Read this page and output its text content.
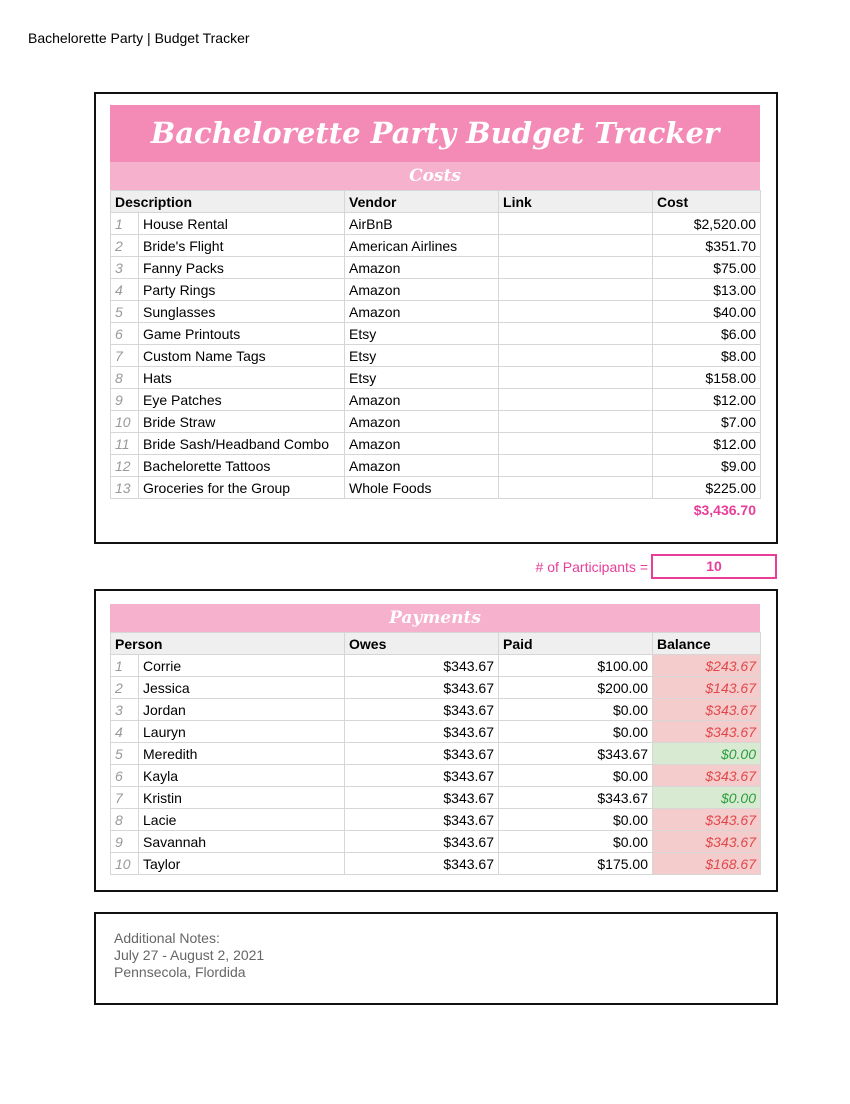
Bachelorette Party | Budget Tracker
Bachelorette Party Budget Tracker
Costs
Description		Vendor	Link	Cost
1	House Rental	AirBnB		$2,520.00
2	Bride's Flight	American Airlines		$351.70
3	Fanny Packs	Amazon		$75.00
4	Party Rings	Amazon		$13.00
5	Sunglasses	Amazon		$40.00
6	Game Printouts	Etsy		$6.00
7	Custom Name Tags	Etsy		$8.00
8	Hats	Etsy		$158.00
9	Eye Patches	Amazon		$12.00
10	Bride Straw	Amazon		$7.00
11	Bride Sash/Headband Combo	Amazon		$12.00
12	Bachelorette Tattoos	Amazon		$9.00
13	Groceries for the Group	Whole Foods		$225.00
$3,436.70
# of Participants =	10
Payments
Person		Owes	Paid	Balance
1	Corrie	$343.67	$100.00	$243.67
2	Jessica	$343.67	$200.00	$143.67
3	Jordan	$343.67	$0.00	$343.67
4	Lauryn	$343.67	$0.00	$343.67
5	Meredith	$343.67	$343.67	$0.00
6	Kayla	$343.67	$0.00	$343.67
7	Kristin	$343.67	$343.67	$0.00
8	Lacie	$343.67	$0.00	$343.67
9	Savannah	$343.67	$0.00	$343.67
10	Taylor	$343.67	$175.00	$168.67
Additional Notes:
July 27 - August 2, 2021
Pennsecola, Flordida
